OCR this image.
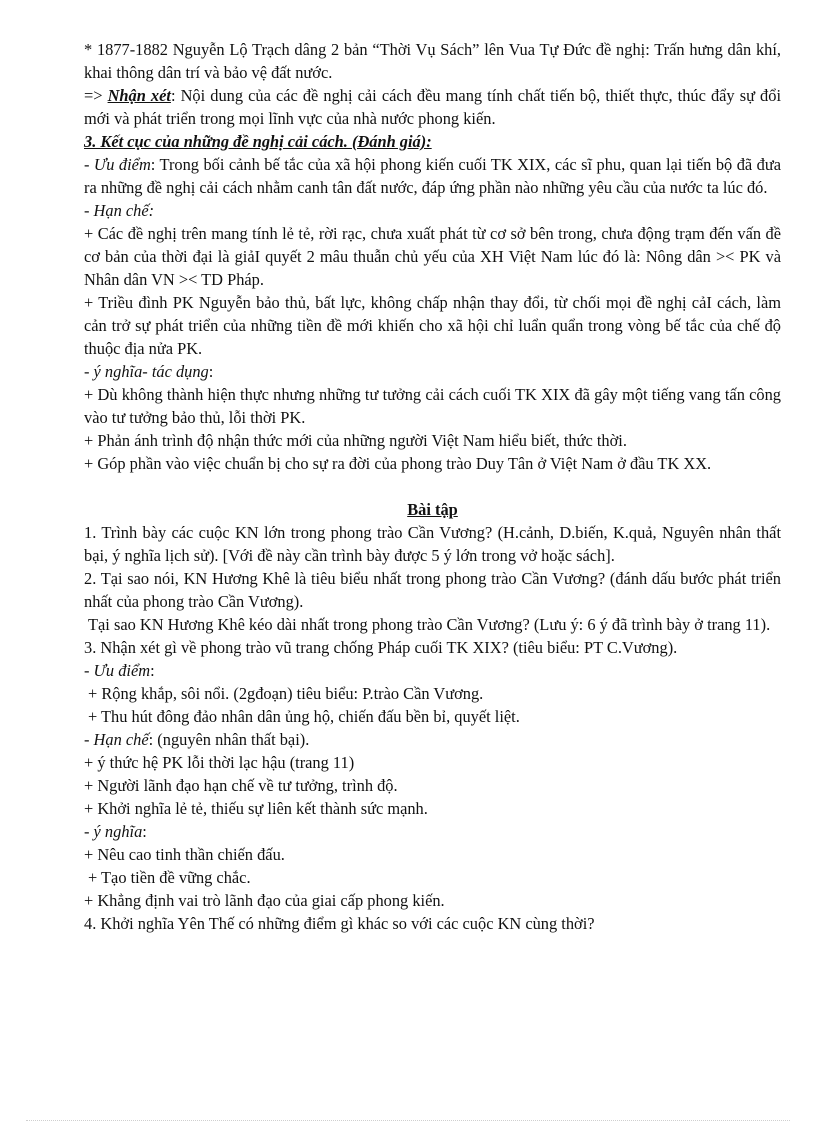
* 1877-1882 Nguyễn Lộ Trạch dâng 2 bản “Thời Vụ Sách” lên Vua Tự Đức đề nghị: Trấn hưng dân khí, khai thông dân trí và bảo vệ đất nước.

=> Nhận xét: Nội dung của các đề nghị cải cách đều mang tính chất tiến bộ, thiết thực, thúc đẩy sự đổi mới và phát triển trong mọi lĩnh vực của nhà nước phong kiến.

3. Kết cục của những đề nghị cải cách. (Đánh giá):

- Ưu điểm: Trong bối cảnh bế tắc của xã hội phong kiến cuối TK XIX, các sĩ phu, quan lại tiến bộ đã đưa ra những đề nghị cải cách nhằm canh tân đất nước, đáp ứng phần nào những yêu cầu của nước ta lúc đó.

- Hạn chế:

+ Các đề nghị trên mang tính lẻ tẻ, rời rạc, chưa xuất phát từ cơ sở bên trong, chưa động trạm đến vấn đề cơ bản của thời đại là giảI quyết 2 mâu thuẫn chủ yếu của XH Việt Nam lúc đó là: Nông dân >< PK và Nhân dân VN >< TD Pháp.

+ Triều đình PK Nguyễn bảo thủ, bất lực, không chấp nhận thay đổi, từ chối mọi đề nghị cảI cách, làm cản trở sự phát triển của những tiền đề mới khiến cho xã hội chỉ luẩn quẩn trong vòng bế tắc của chế độ thuộc địa nửa PK.

- ý nghĩa- tác dụng:

+ Dù không thành hiện thực nhưng những tư tưởng cải cách cuối TK XIX đã gây một tiếng vang tấn công vào tư tưởng bảo thủ, lỗi thời PK.

+ Phản ánh trình độ nhận thức mới của những người Việt Nam hiểu biết, thức thời.

+ Góp phần vào việc chuẩn bị cho sự ra đời của phong trào Duy Tân ở Việt Nam ở đầu TK XX.

Bài tập

1. Trình bày các cuộc KN lớn trong phong trào Cần Vương? (H.cảnh, D.biến, K.quả, Nguyên nhân thất bại, ý nghĩa lịch sử). [Với đề này cần trình bày được 5 ý lớn trong vở hoặc sách].

2. Tại sao nói, KN Hương Khê là tiêu biểu nhất trong phong trào Cần Vương? (đánh dấu bước phát triển nhất của phong trào Cần Vương).

Tại sao KN Hương Khê kéo dài nhất trong phong trào Cần Vương? (Lưu ý: 6 ý đã trình bày ở trang 11).

3. Nhận xét gì về phong trào vũ trang chống Pháp cuối TK XIX? (tiêu biểu: PT C.Vương).

- Ưu điểm:

+ Rộng khắp, sôi nổi. (2gđoạn) tiêu biểu: P.trào Cần Vương.

+ Thu hút đông đảo nhân dân ủng hộ, chiến đấu bền bỉ, quyết liệt.

- Hạn chế: (nguyên nhân thất bại).

+ ý thức hệ PK lỗi thời lạc hậu (trang 11)

+ Người lãnh đạo hạn chế về tư tưởng, trình độ.

+ Khởi nghĩa lẻ tẻ, thiếu sự liên kết thành sức mạnh.

- ý nghĩa:

+ Nêu cao tinh thần chiến đấu.

+ Tạo tiền đề vững chắc.

+ Khẳng định vai trò lãnh đạo của giai cấp phong kiến.

4. Khởi nghĩa Yên Thế có những điểm gì khác so với các cuộc KN cùng thời?
